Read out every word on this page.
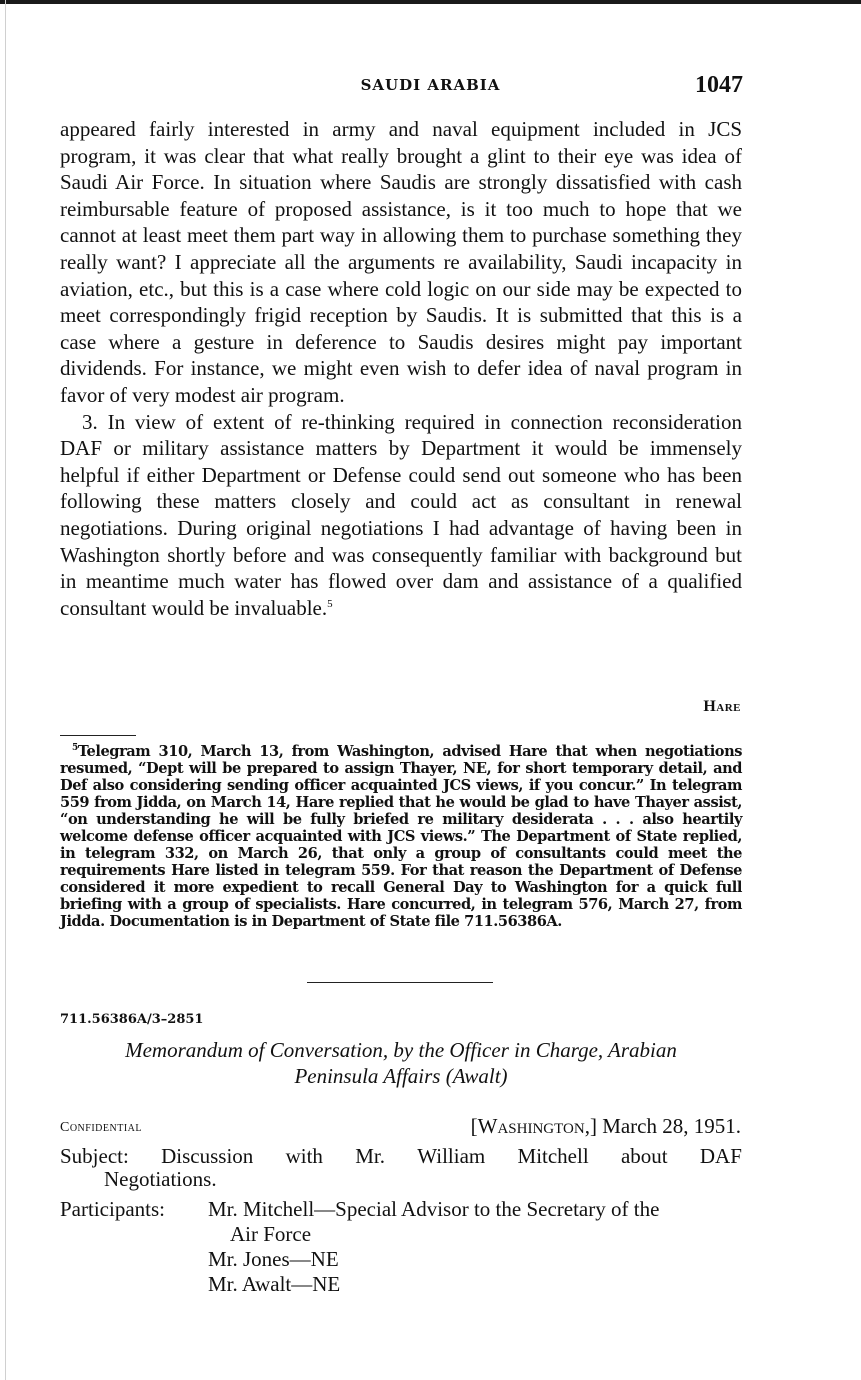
SAUDI ARABIA	1047

appeared fairly interested in army and naval equipment included in JCS program, it was clear that what really brought a glint to their eye was idea of Saudi Air Force. In situation where Saudis are strongly dissatisfied with cash reimbursable feature of proposed assistance, is it too much to hope that we cannot at least meet them part way in allowing them to purchase something they really want? I appreciate all the arguments re availability, Saudi incapacity in aviation, etc., but this is a case where cold logic on our side may be expected to meet correspondingly frigid reception by Saudis. It is submitted that this is a case where a gesture in deference to Saudis desires might pay important dividends. For instance, we might even wish to defer idea of naval program in favor of very modest air program.

3. In view of extent of re-thinking required in connection reconsideration DAF or military assistance matters by Department it would be immensely helpful if either Department or Defense could send out someone who has been following these matters closely and could act as consultant in renewal negotiations. During original negotiations I had advantage of having been in Washington shortly before and was consequently familiar with background but in meantime much water has flowed over dam and assistance of a qualified consultant would be invaluable.$^5$

Hare

$^5$Telegram 310, March 13, from Washington, advised Hare that when negotiations resumed, “Dept will be prepared to assign Thayer, NE, for short temporary detail, and Def also considering sending officer acquainted JCS views, if you concur.” In telegram 559 from Jidda, on March 14, Hare replied that he would be glad to have Thayer assist, “on understanding he will be fully briefed re military desiderata . . . also heartily welcome defense officer acquainted with JCS views.” The Department of State replied, in telegram 332, on March 26, that only a group of consultants could meet the requirements Hare listed in telegram 559. For that reason the Department of Defense considered it more expedient to recall General Day to Washington for a quick full briefing with a group of specialists. Hare concurred, in telegram 576, March 27, from Jidda. Documentation is in Department of State file 711.56386A.

711.56386A/3–2851
Memorandum of Conversation, by the Officer in Charge, Arabian
Peninsula Affairs (Awalt)
Confidential	[Washington,] March 28, 1951.
Subject: Discussion with Mr. William Mitchell about DAF
Negotiations.
Participants:	Mr. Mitchell—Special Advisor to the Secretary of the
Air Force
Mr. Jones—NE
Mr. Awalt—NE
